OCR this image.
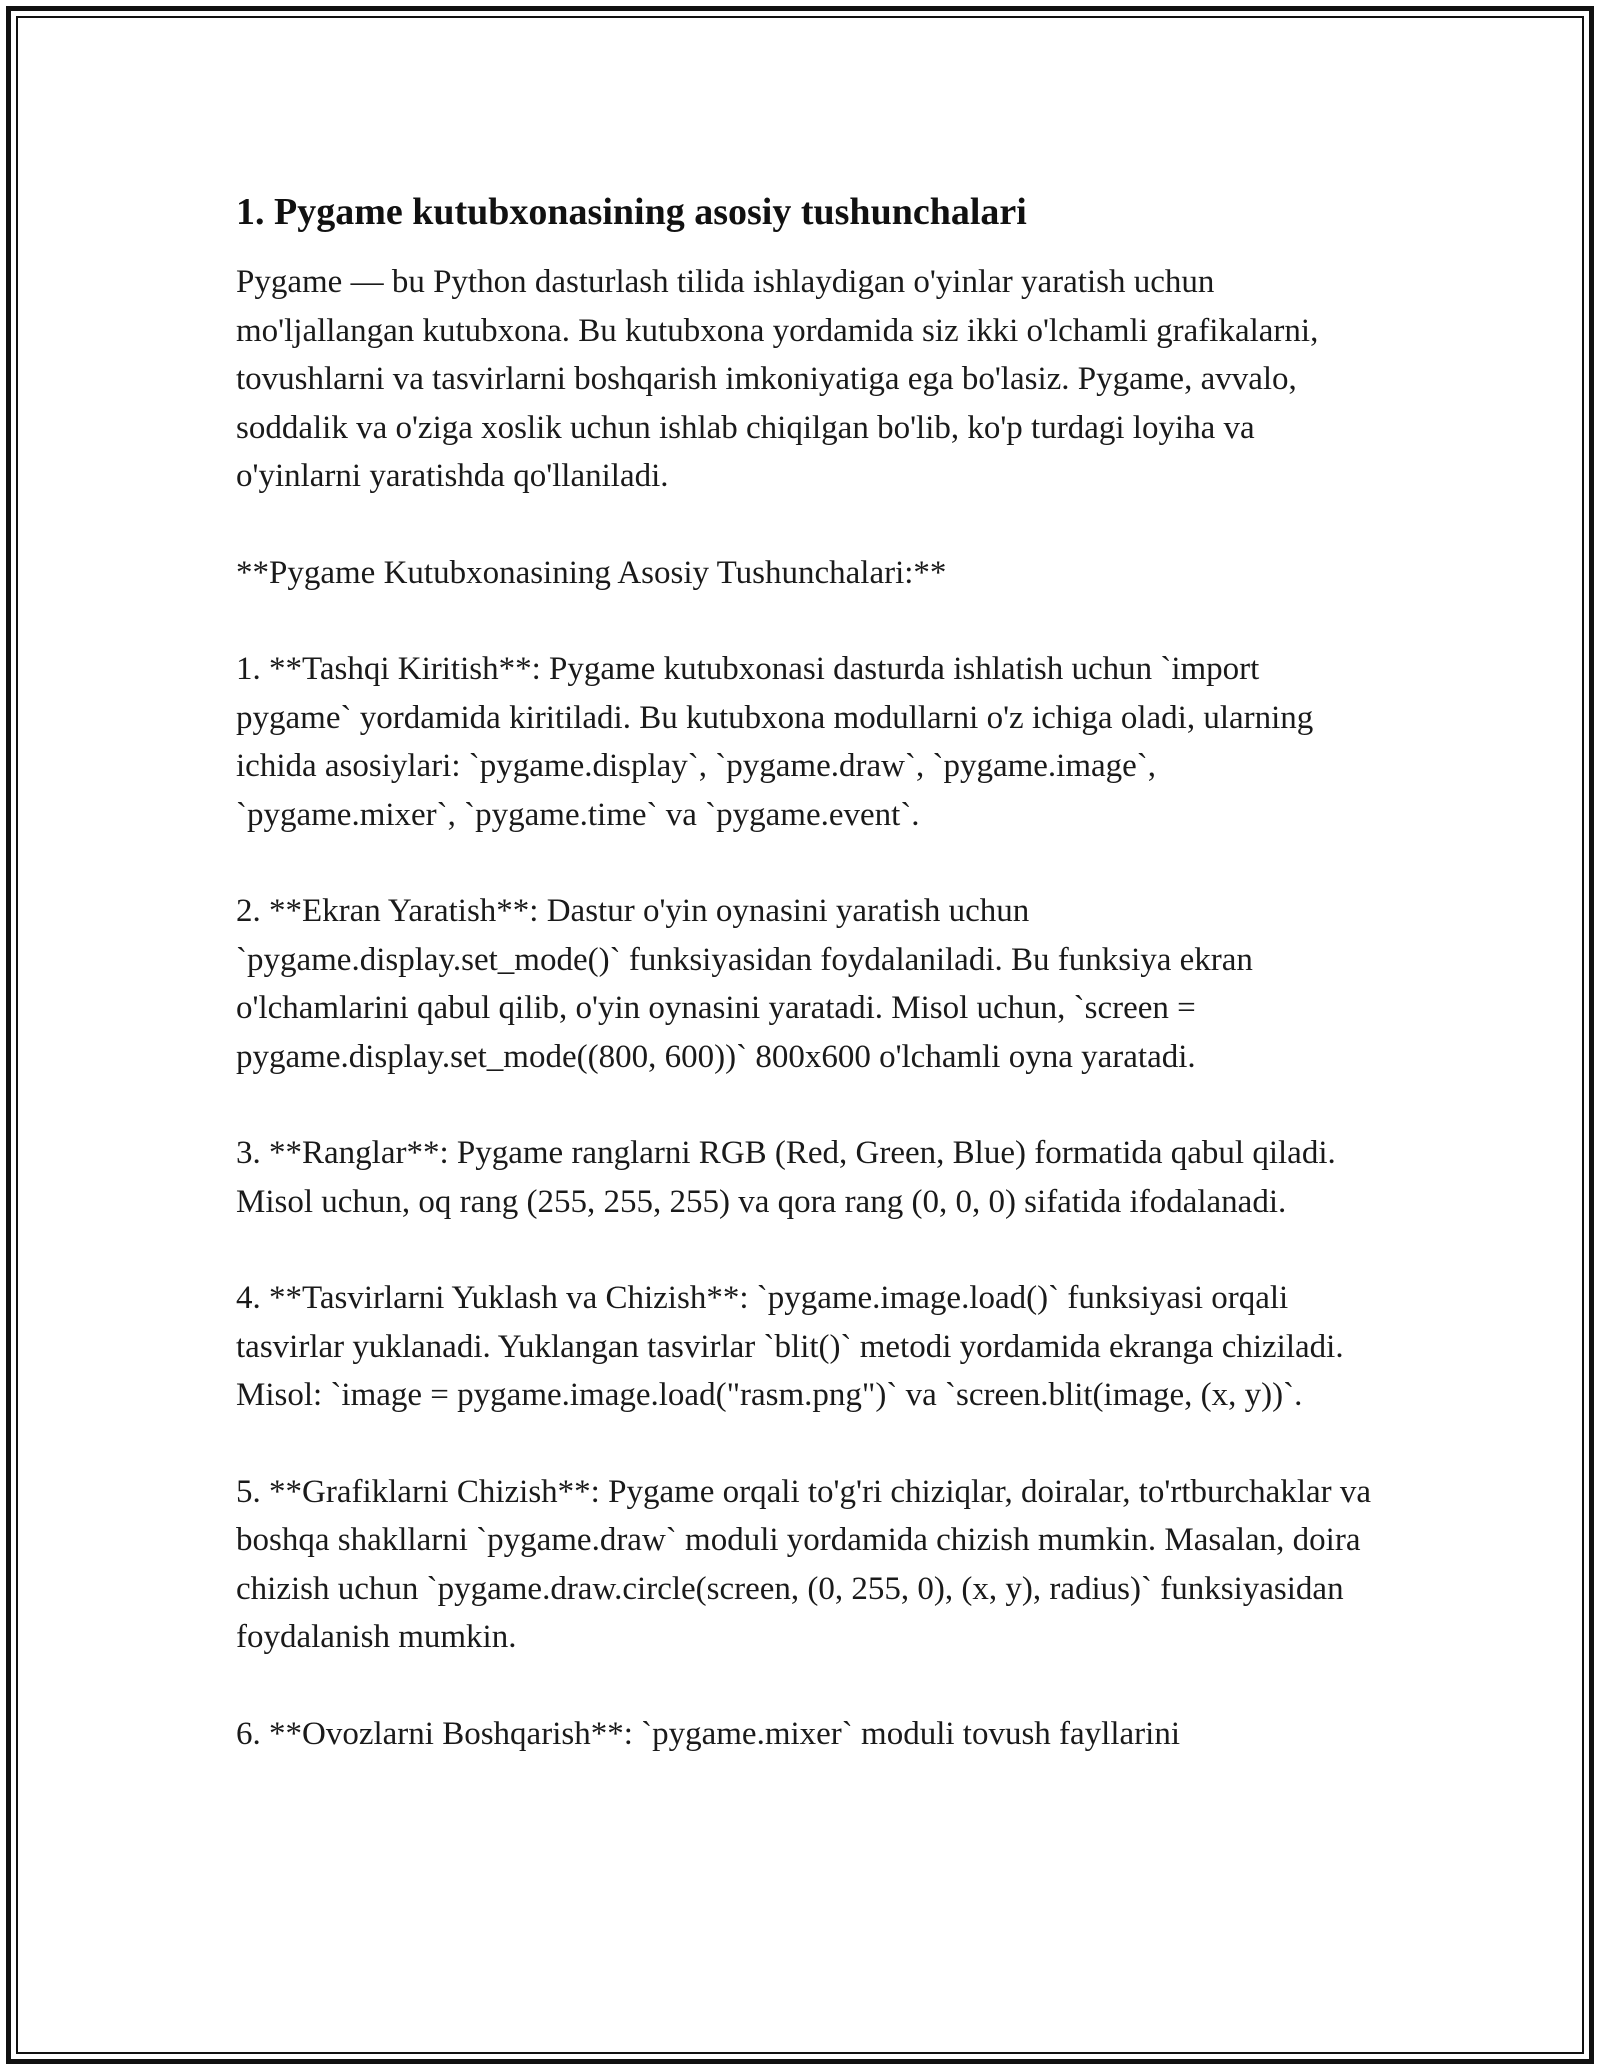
1. Pygame kutubxonasining asosiy tushunchalari

Pygame — bu Python dasturlash tilida ishlaydigan o'yinlar yaratish uchun mo'ljallangan kutubxona. Bu kutubxona yordamida siz ikki o'lchamli grafikalarni, tovushlarni va tasvirlarni boshqarish imkoniyatiga ega bo'lasiz. Pygame, avvalo, soddalik va o'ziga xoslik uchun ishlab chiqilgan bo'lib, ko'p turdagi loyiha va o'yinlarni yaratishda qo'llaniladi.

**Pygame Kutubxonasining Asosiy Tushunchalari:**

1. **Tashqi Kiritish**: Pygame kutubxonasi dasturda ishlatish uchun `import pygame` yordamida kiritiladi. Bu kutubxona modullarni o'z ichiga oladi, ularning ichida asosiylari: `pygame.display`, `pygame.draw`, `pygame.image`, `pygame.mixer`, `pygame.time` va `pygame.event`.

2. **Ekran Yaratish**: Dastur o'yin oynasini yaratish uchun `pygame.display.set_mode()` funksiyasidan foydalaniladi. Bu funksiya ekran o'lchamlarini qabul qilib, o'yin oynasini yaratadi. Misol uchun, `screen = pygame.display.set_mode((800, 600))` 800x600 o'lchamli oyna yaratadi.

3. **Ranglar**: Pygame ranglarni RGB (Red, Green, Blue) formatida qabul qiladi. Misol uchun, oq rang (255, 255, 255) va qora rang (0, 0, 0) sifatida ifodalanadi.

4. **Tasvirlarni Yuklash va Chizish**: `pygame.image.load()` funksiyasi orqali tasvirlar yuklanadi. Yuklangan tasvirlar `blit()` metodi yordamida ekranga chiziladi. Misol: `image = pygame.image.load("rasm.png")` va `screen.blit(image, (x, y))`.

5. **Grafiklarni Chizish**: Pygame orqali to'g'ri chiziqlar, doiralar, to'rtburchaklar va boshqa shakllarni `pygame.draw` moduli yordamida chizish mumkin. Masalan, doira chizish uchun `pygame.draw.circle(screen, (0, 255, 0), (x, y), radius)` funksiyasidan foydalanish mumkin.

6. **Ovozlarni Boshqarish**: `pygame.mixer` moduli tovush fayllarini
